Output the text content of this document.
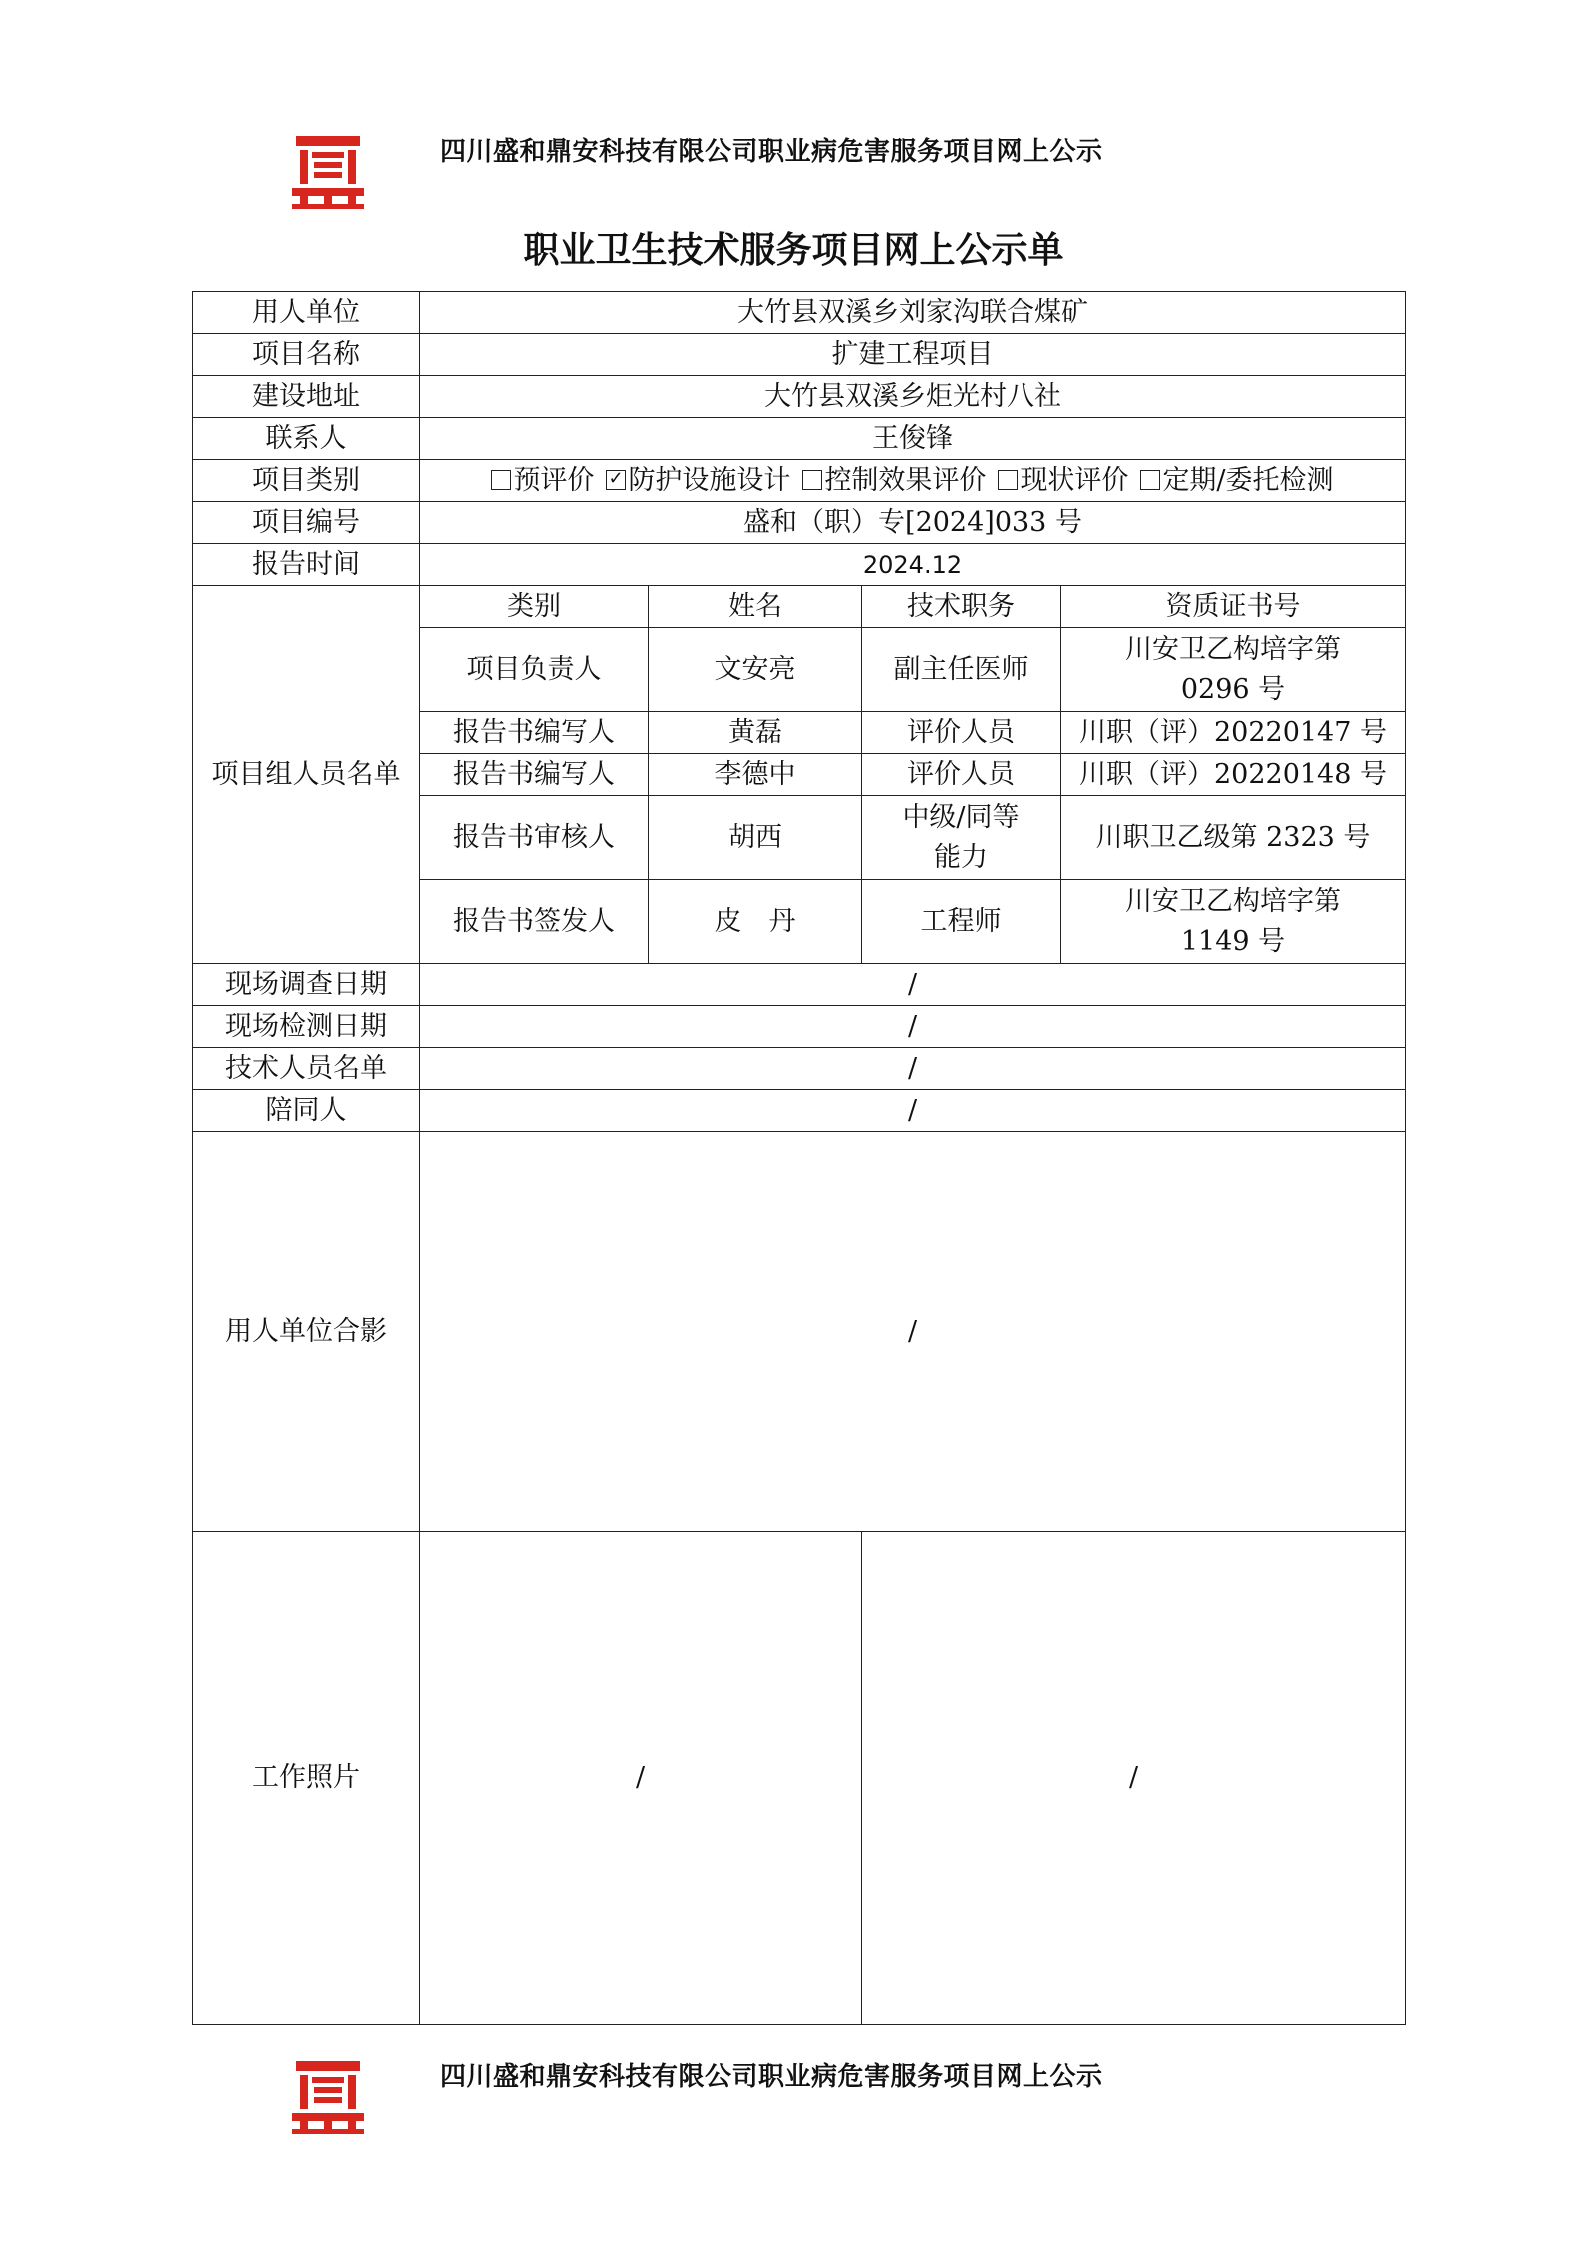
四川盛和鼎安科技有限公司职业病危害服务项目网上公示
职业卫生技术服务项目网上公示单
用人单位	大竹县双溪乡刘家沟联合煤矿			
项目名称	扩建工程项目			
建设地址	大竹县双溪乡炬光村八社			
联系人	王俊锋			
项目类别	预评价 ✓ 防护设施设计 控制效果评价 现状评价 定期/委托检测
项目编号	盛和（职）专[2024]033 号			
报告时间	2024.12			
项目组人员名单	类别	姓名	技术职务	资质证书号
	项目负责人	文安亮	副主任医师	川安卫乙构培字第 0296 号
	报告书编写人	黄磊	评价人员	川职（评）20220147 号
	报告书编写人	李德中	评价人员	川职（评）20220148 号
	报告书审核人	胡西	中级/同等能力	川职卫乙级第 2323 号
	报告书签发人	皮　丹	工程师	川安卫乙构培字第 1149 号
现场调查日期	/			
现场检测日期	/			
技术人员名单	/			
陪同人	/			
用人单位合影	/			
工作照片	/		/	
四川盛和鼎安科技有限公司职业病危害服务项目网上公示
